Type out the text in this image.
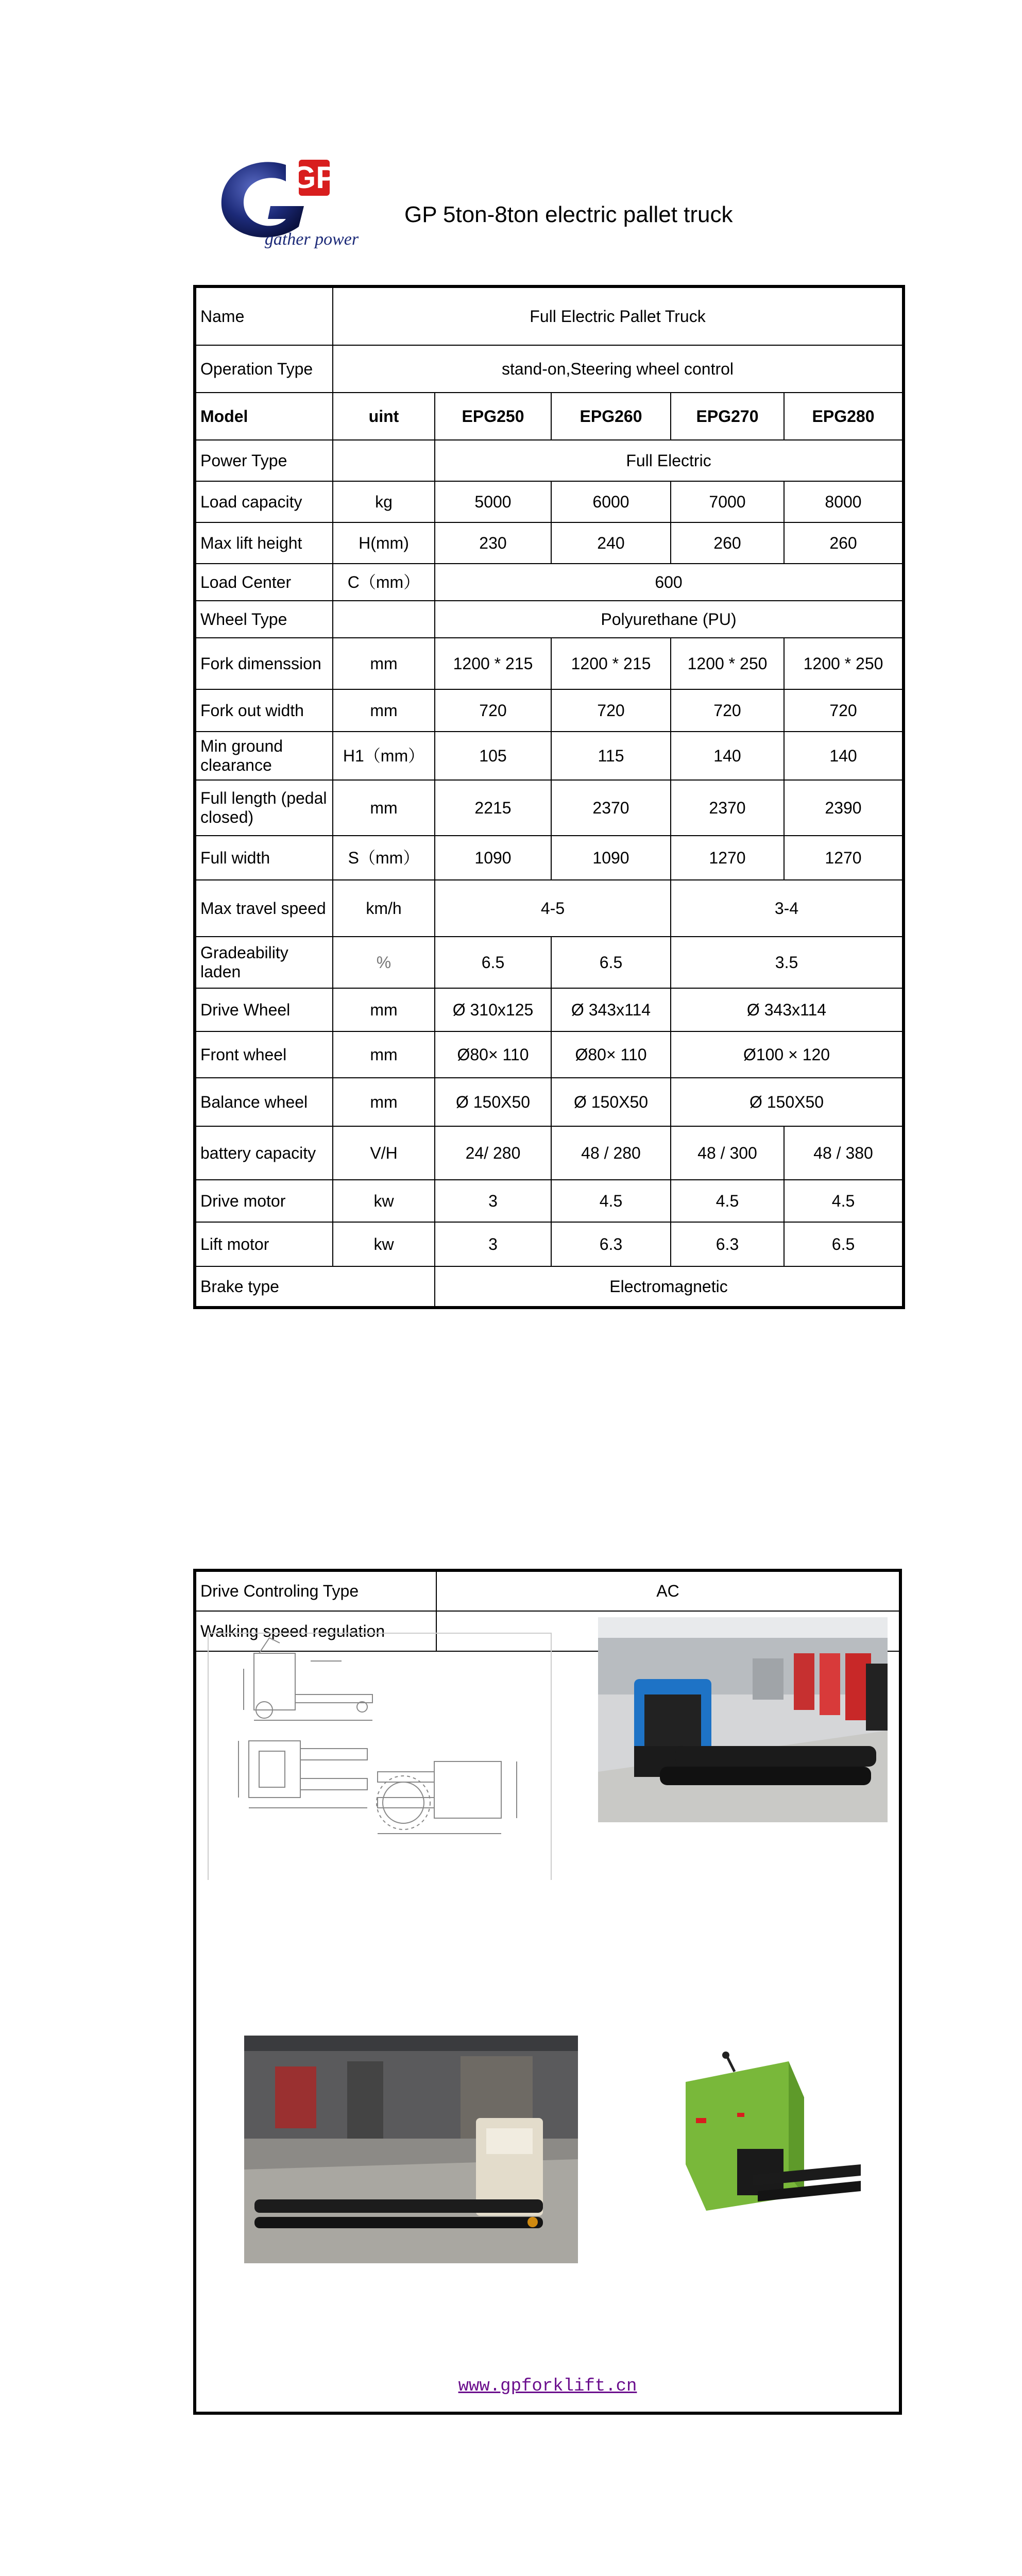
GP
gather power
GP 5ton-8ton electric pallet truck
Name	Full Electric Pallet Truck				
Operation Type	stand-on,Steering wheel control				
Model	uint	EPG250	EPG260	EPG270	EPG280
Power Type		Full Electric			
Load capacity	kg	5000	6000	7000	8000
Max lift height	H(mm)	230	240	260	260
Load Center	C（mm）	600			
Wheel Type		Polyurethane (PU)			
Fork dimenssion	mm	1200 * 215	1200 * 215	1200 * 250	1200 * 250
Fork out width	mm	720	720	720	720
Min ground clearance	H1（mm）	105	115	140	140
Full length (pedal closed)	mm	2215	2370	2370	2390
Full width	S（mm）	1090	1090	1270	1270
Max travel speed	km/h	4-5		3-4	
Gradeability laden	%	6.5	6.5	3.5	
Drive Wheel	mm	Ø 310x125	Ø 343x114	Ø 343x114	
Front wheel	mm	Ø80× 110	Ø80× 110	Ø100 × 120	
Balance wheel	mm	Ø 150X50	Ø 150X50	Ø 150X50	
battery capacity	V/H	24/ 280	48 / 280	48 / 300	48 / 380
Drive motor	kw	3	4.5	4.5	4.5
Lift motor	kw	3	6.3	6.3	6.5
Brake type		Electromagnetic			
Drive Controling Type	AC
Walking speed regulation	
www.gpforklift.cn
